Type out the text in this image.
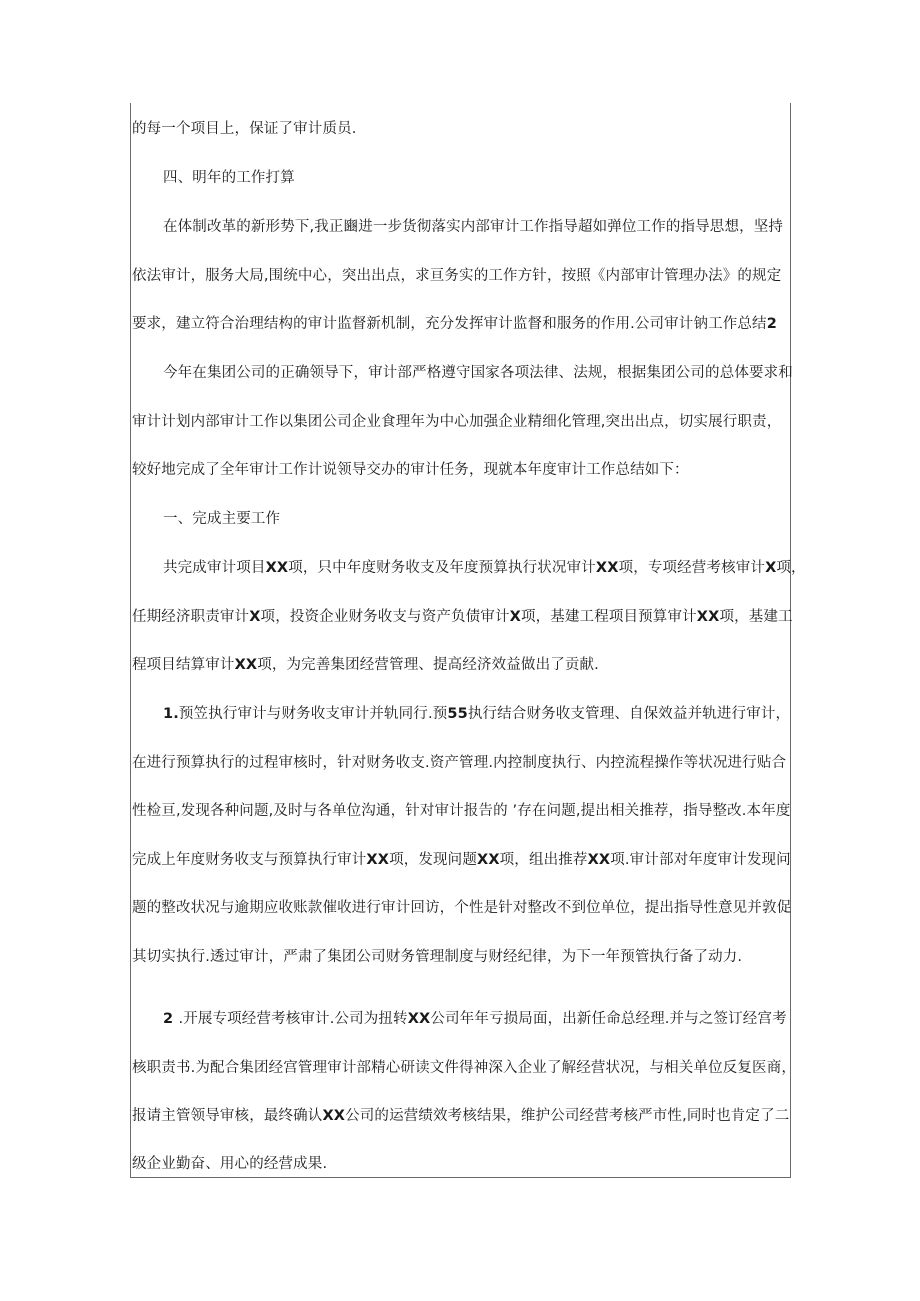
的每一个项目上，保证了审计质员.
四、明年的工作打算
在体制改革的新形势下,我正豳进一步货彻落实内部审计工作指导超如弹位工作的指导思想，坚持
依法审计，服务大局,围统中心，突出出点，求亘务实的工作方针，按照《内部审计管理办法》的规定
要求，建立符合治理结构的审计监督新机制，充分发挥审计监督和服务的作用.公司审计钠工作总结2
今年在集团公司的正确领导下，审计部严格遵守国家各项法律、法规，根据集团公司的总体要求和
审计计划内部审计工作以集团公司企业食理年为中心加强企业精细化管理,突出出点，切实展行职责，
较好地完成了全年审计工作计说领导交办的审计任务，现就本年度审计工作总结如下：
一、完成主要工作
共完成审计项目XX项，只中年度财务收支及年度预算执行状况审计XX项，专项经营考核审计X项，
任期经济职责审计X项，投资企业财务收支与资产负债审计X项，基建工程项目预算审计XX项，基建工
程项目结算审计XX项，为完善集团经营管理、提高经济效益做出了贡献.
1.预笠执行审计与财务收支审计并轨同行.预55执行结合财务收支管理、自保效益并轨进行审计，
在进行预算执行的过程审核时，针对财务收支.资产管理.内控制度执行、内控流程操作等状况进行贴合
性检亘,发现各种问题,及时与各单位沟通，针对审计报告的 ’存在问题,提出相关推荐，指导整改.本年度
完成上年度财务收支与预算执行审计XX项，发现问题XX项，组出推荐XX项.审计部对年度审计发现问
题的整改状况与逾期应收账款催收进行审计回访，个性是针对整改不到位单位，提出指导性意见并敦促
其切实执行.透过审计，严肃了集团公司财务管理制度与财经纪律，为下一年预管执行备了动力.
2 .开展专项经营考核审计.公司为扭转XX公司年年亏损局面，出新任命总经理.并与之签订经宫考
核职责书.为配合集团经宫管理审计部精心研读文件得神深入企业了解经营状况，与相关单位反复医商，
报请主管领导审核，最终确认XX公司的运营绩效考核结果，维护公司经营考核严市性,同时也肯定了二
级企业勤奋、用心的经营成果.
